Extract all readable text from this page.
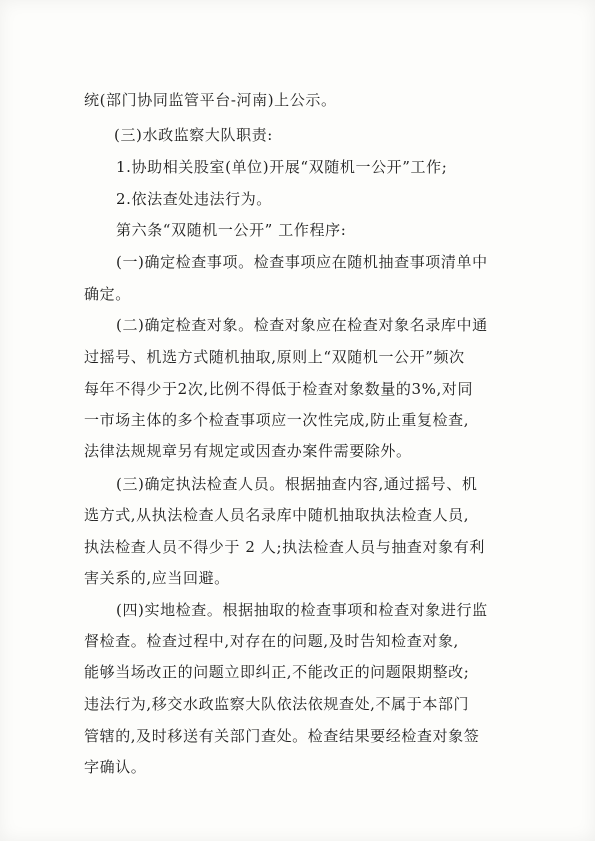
统(部门协同监管平台-河南)上公示。
(三)水政监察大队职责:
1.协助相关股室(单位)开展“双随机一公开”工作;
2.依法查处违法行为。
第六条“双随机一公开” 工作程序:
(一)确定检查事项。检查事项应在随机抽查事项清单中
确定。
(二)确定检查对象。检查对象应在检查对象名录库中通
过摇号、机选方式随机抽取,原则上“双随机一公开”频次
每年不得少于2次,比例不得低于检查对象数量的3%,对同
一市场主体的多个检查事项应一次性完成,防止重复检查,
法律法规规章另有规定或因查办案件需要除外。
(三)确定执法检查人员。根据抽查内容,通过摇号、机
选方式,从执法检查人员名录库中随机抽取执法检查人员,
执法检查人员不得少于 2 人;执法检查人员与抽查对象有利
害关系的,应当回避。
(四)实地检查。根据抽取的检查事项和检查对象进行监
督检查。检查过程中,对存在的问题,及时告知检查对象,
能够当场改正的问题立即纠正,不能改正的问题限期整改;
违法行为,移交水政监察大队依法依规查处,不属于本部门
管辖的,及时移送有关部门查处。检查结果要经检查对象签
字确认。
